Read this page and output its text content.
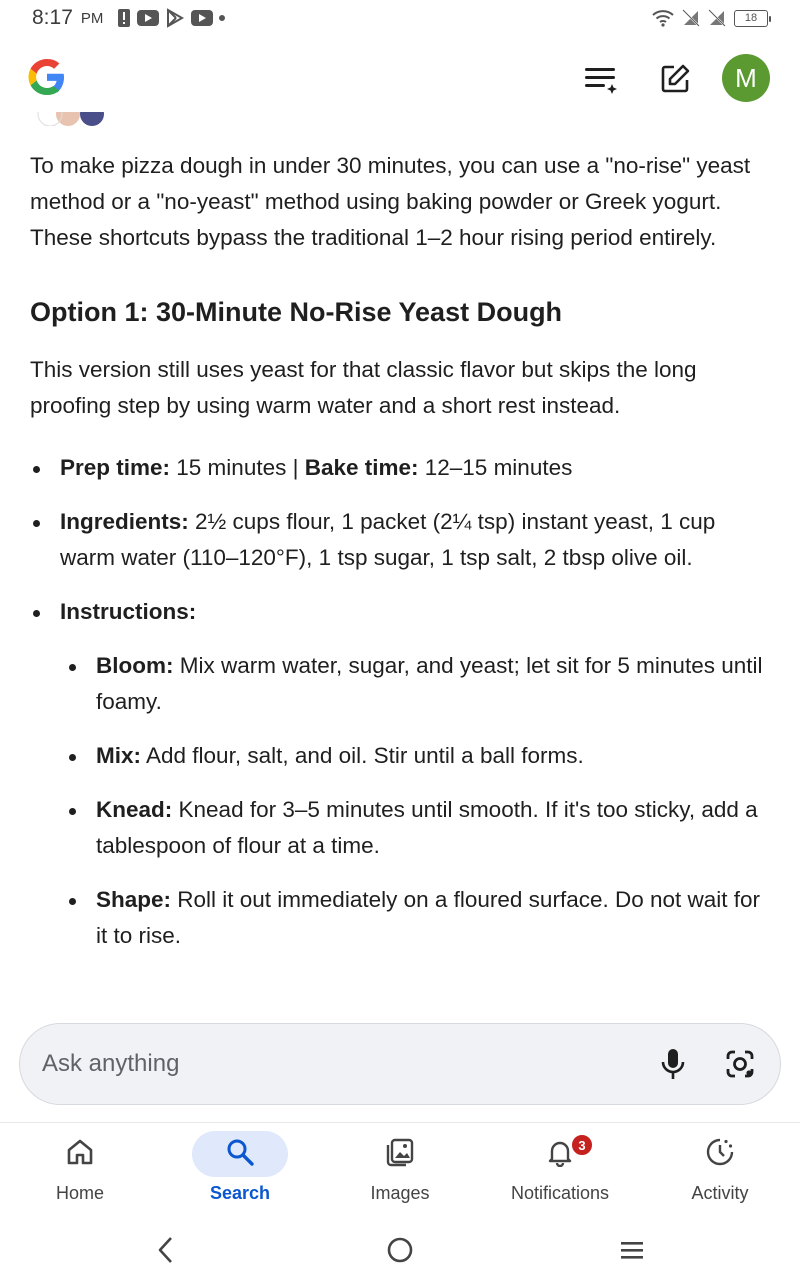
8:17 PM	18
M

To make pizza dough in under 30 minutes, you can use a "no-rise" yeast method or a "no-yeast" method using baking powder or Greek yogurt. These shortcuts bypass the traditional 1–2 hour rising period entirely.

Option 1: 30-Minute No-Rise Yeast Dough

This version still uses yeast for that classic flavor but skips the long proofing step by using warm water and a short rest instead.

Prep time: 15 minutes | Bake time: 12–15 minutes
Ingredients: 2½ cups flour, 1 packet (2¼ tsp) instant yeast, 1 cup warm water (110–120°F), 1 tsp sugar, 1 tsp salt, 2 tbsp olive oil.
Instructions:
Bloom: Mix warm water, sugar, and yeast; let sit for 5 minutes until foamy.
Mix: Add flour, salt, and oil. Stir until a ball forms.
Knead: Knead for 3–5 minutes until smooth. If it's too sticky, add a tablespoon of flour at a time.
Shape: Roll it out immediately on a floured surface. Do not wait for it to rise.
Ask anything
Home	Search	Images
3
Notifications	Activity
